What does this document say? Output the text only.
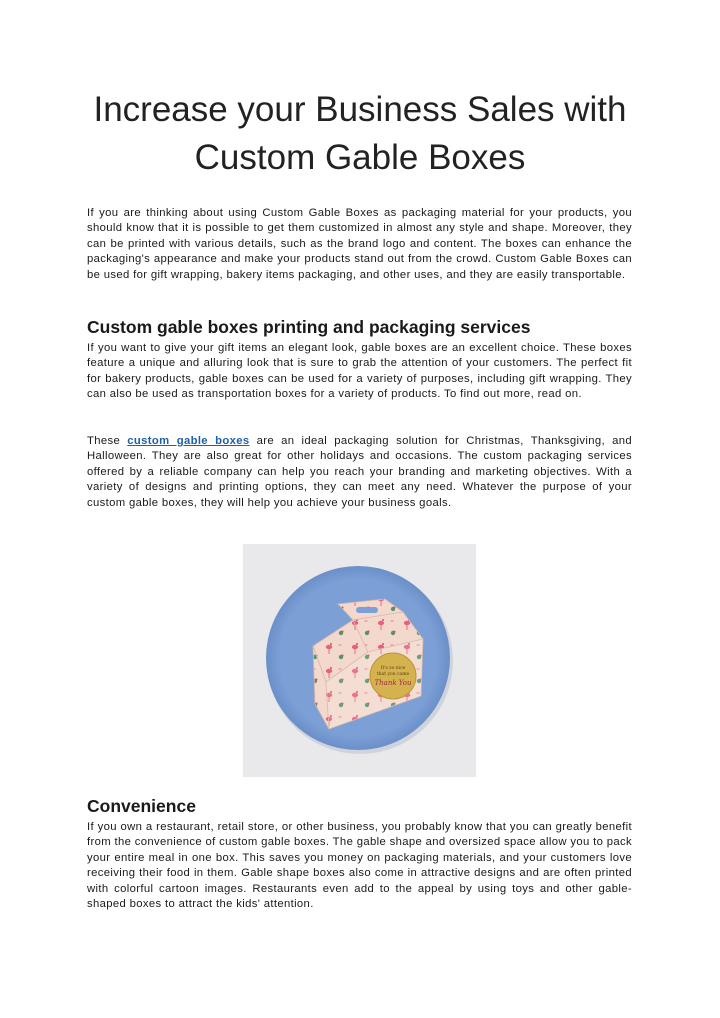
Increase your Business Sales with
Custom Gable Boxes

If you are thinking about using Custom Gable Boxes as packaging material for your products, you should know that it is possible to get them customized in almost any style and shape. Moreover, they can be printed with various details, such as the brand logo and content. The boxes can enhance the packaging's appearance and make your products stand out from the crowd. Custom Gable Boxes can be used for gift wrapping, bakery items packaging, and other uses, and they are easily transportable.

Custom gable boxes printing and packaging services

If you want to give your gift items an elegant look, gable boxes are an excellent choice. These boxes feature a unique and alluring look that is sure to grab the attention of your customers. The perfect fit for bakery products, gable boxes can be used for a variety of purposes, including gift wrapping. They can also be used as transportation boxes for a variety of products. To find out more, read on.

These custom gable boxes are an ideal packaging solution for Christmas, Thanksgiving, and Halloween. They are also great for other holidays and occasions. The custom packaging services offered by a reliable company can help you reach your branding and marketing objectives. With a variety of designs and printing options, they can meet any need. Whatever the purpose of your custom gable boxes, they will help you achieve your business goals.

It's so nice
that you came
Thank You
Convenience

If you own a restaurant, retail store, or other business, you probably know that you can greatly benefit from the convenience of custom gable boxes. The gable shape and oversized space allow you to pack your entire meal in one box. This saves you money on packaging materials, and your customers love receiving their food in them. Gable shape boxes also come in attractive designs and are often printed with colorful cartoon images. Restaurants even add to the appeal by using toys and other gable-shaped boxes to attract the kids' attention.
